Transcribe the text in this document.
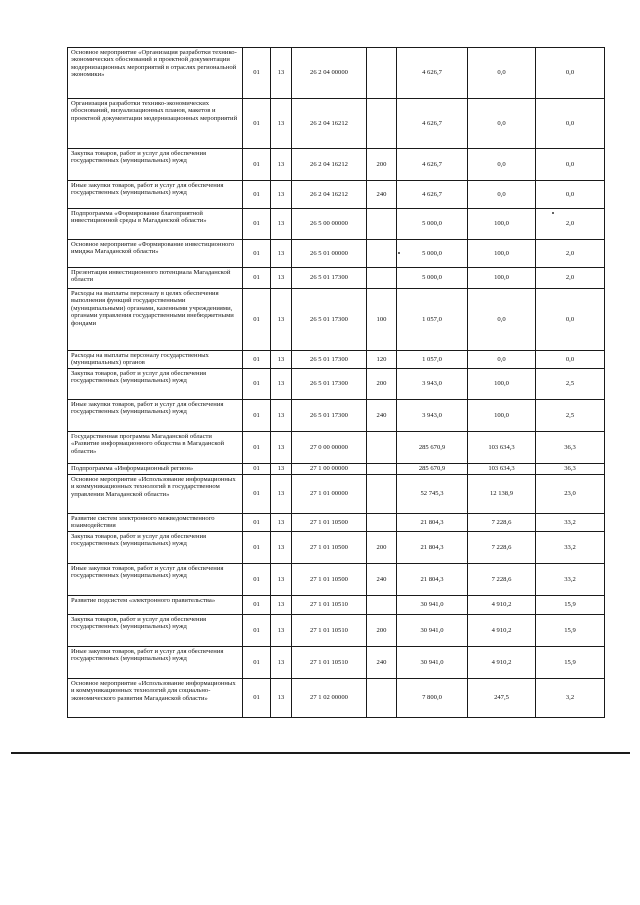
Основное мероприятие «Организация разработки технико-экономических обоснований и проектной документации модернизационных мероприятий в отраслях региональной экономики»	01	13	26 2 04 00000		4 626,7	0,0	0,0
Организация разработки технико-экономических обоснований, визуализационных планов, макетов и проектной документации модернизационных мероприятий	01	13	26 2 04 16212		4 626,7	0,0	0,0
Закупка товаров, работ и услуг для обеспечения государственных (муниципальных) нужд	01	13	26 2 04 16212	200	4 626,7	0,0	0,0
Иные закупки товаров, работ и услуг для обеспечения государственных (муниципальных) нужд	01	13	26 2 04 16212	240	4 626,7	0,0	0,0
Подпрограмма «Формирование благоприятной инвестиционной среды в Магаданской области»	01	13	26 5 00 00000		5 000,0	100,0	2,0
Основное мероприятие «Формирование инвестиционного имиджа Магаданской области»	01	13	26 5 01 00000		5 000,0	100,0	2,0
Презентация инвестиционного потенциала Магаданской области	01	13	26 5 01 17300		5 000,0	100,0	2,0
Расходы на выплаты персоналу в целях обеспечения выполнения функций государственными (муниципальными) органами, казенными учреждениями, органами управления государственными внебюджетными фондами	01	13	26 5 01 17300	100	1 057,0	0,0	0,0
Расходы на выплаты персоналу государственных (муниципальных) органов	01	13	26 5 01 17300	120	1 057,0	0,0	0,0
Закупка товаров, работ и услуг для обеспечения государственных (муниципальных) нужд	01	13	26 5 01 17300	200	3 943,0	100,0	2,5
Иные закупки товаров, работ и услуг для обеспечения государственных (муниципальных) нужд	01	13	26 5 01 17300	240	3 943,0	100,0	2,5
Государственная программа Магаданской области «Развитие информационного общества в Магаданской области»	01	13	27 0 00 00000		285 670,9	103 634,3	36,3
Подпрограмма «Информационный регион»	01	13	27 1 00 00000		285 670,9	103 634,3	36,3
Основное мероприятие «Использование информационных и коммуникационных технологий в государственном управлении Магаданской области»	01	13	27 1 01 00000		52 745,3	12 138,9	23,0
Развитие систем электронного межведомственного взаимодействия	01	13	27 1 01 10500		21 804,3	7 228,6	33,2
Закупка товаров, работ и услуг для обеспечения государственных (муниципальных) нужд	01	13	27 1 01 10500	200	21 804,3	7 228,6	33,2
Иные закупки товаров, работ и услуг для обеспечения государственных (муниципальных) нужд	01	13	27 1 01 10500	240	21 804,3	7 228,6	33,2
Развитие подсистем «электронного правительства»	01	13	27 1 01 10510		30 941,0	4 910,2	15,9
Закупка товаров, работ и услуг для обеспечения государственных (муниципальных) нужд	01	13	27 1 01 10510	200	30 941,0	4 910,2	15,9
Иные закупки товаров, работ и услуг для обеспечения государственных (муниципальных) нужд	01	13	27 1 01 10510	240	30 941,0	4 910,2	15,9
Основное мероприятие «Использование информационных и коммуникационных технологий для социально-экономического развития Магаданской области»	01	13	27 1 02 00000		7 800,0	247,5	3,2
